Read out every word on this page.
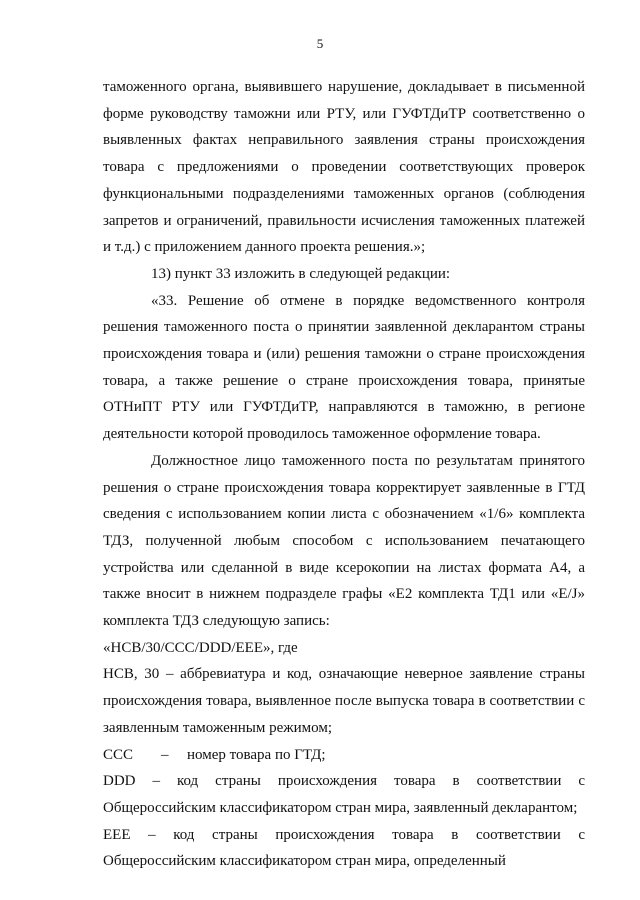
5

таможенного органа, выявившего нарушение, докладывает в письменной форме руководству таможни или РТУ, или ГУФТДиТР соответственно о выявленных фактах неправильного заявления страны происхождения товара с предложениями о проведении соответствующих проверок функциональными подразделениями таможенных органов (соблюдения запретов и ограничений, правильности исчисления таможенных платежей и т.д.) с приложением данного проекта решения.»;

13) пункт 33 изложить в следующей редакции:

«33. Решение об отмене в порядке ведомственного контроля решения таможенного поста о принятии заявленной декларантом страны происхождения товара и (или) решения таможни о стране происхождения товара, а также решение о стране происхождения товара, принятые ОТНиПТ РТУ или ГУФТДиТР, направляются в таможню, в регионе деятельности которой проводилось таможенное оформление товара.

Должностное лицо таможенного поста по результатам принятого решения о стране происхождения товара корректирует заявленные в ГТД сведения с использованием копии листа с обозначением «1/6» комплекта ТДЗ, полученной любым способом с использованием печатающего устройства или сделанной в виде ксерокопии на листах формата А4, а также вносит в нижнем подразделе графы «Е2 комплекта ТД1 или «E/J» комплекта ТДЗ следующую запись:

«НСВ/30/CCC/DDD/EEE», где

НСВ, 30 – аббревиатура и код, означающие неверное заявление страны происхождения товара, выявленное после выпуска товара в соответствии с заявленным таможенным режимом;

ССС – номер товара по ГТД;

DDD – код страны происхождения товара в соответствии с Общероссийским классификатором стран мира, заявленный декларантом;

ЕЕЕ – код страны происхождения товара в соответствии с Общероссийским классификатором стран мира, определенный
